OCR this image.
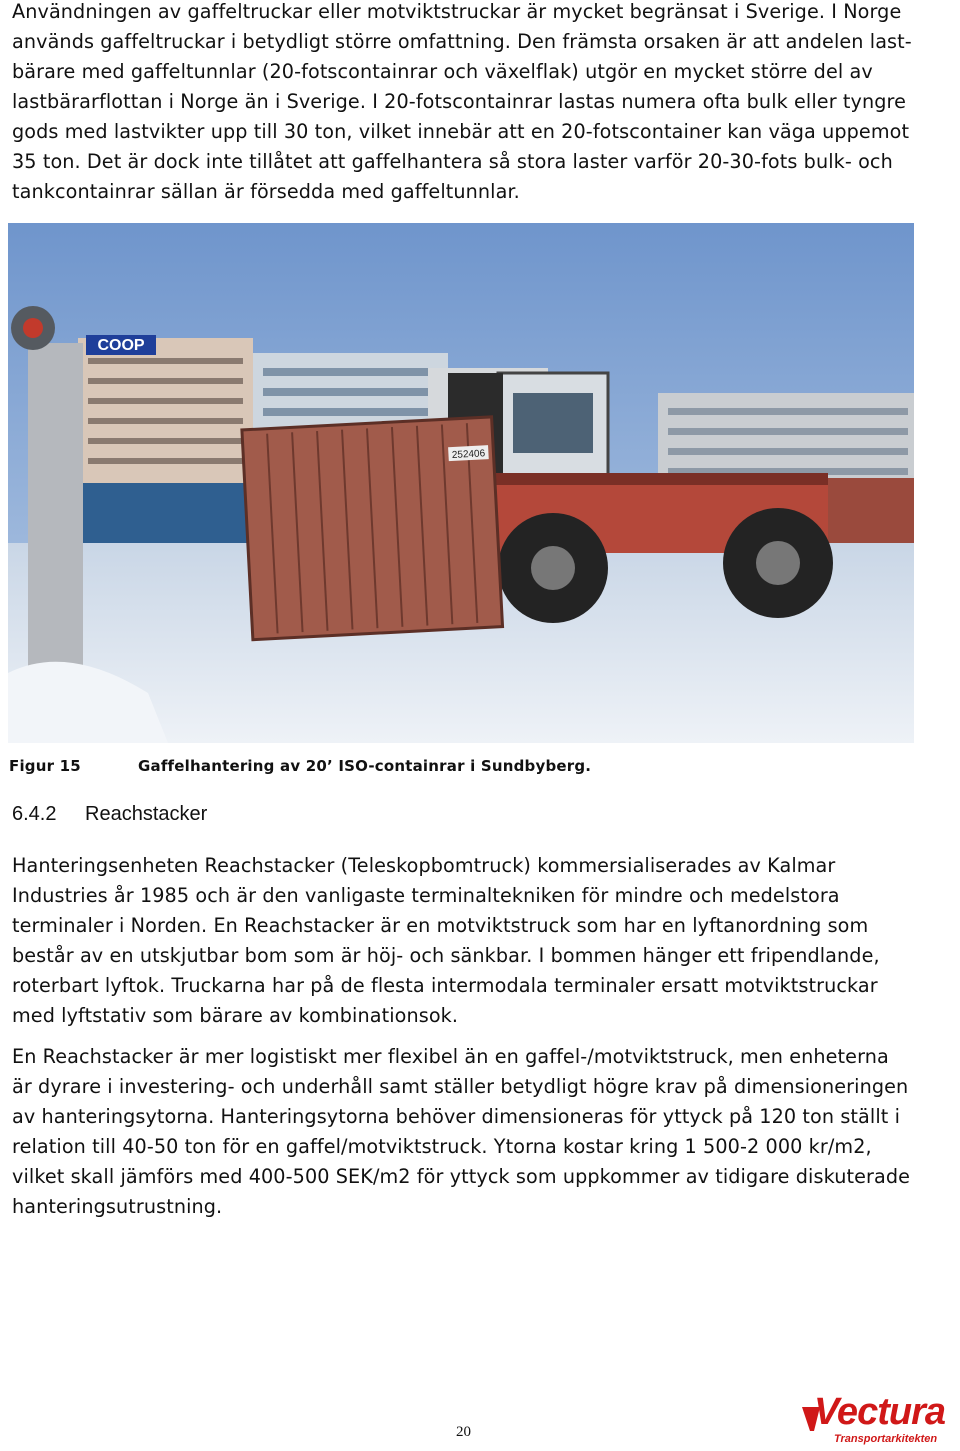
Användningen av gaffeltruckar eller motviktstruckar är mycket begränsat i Sverige. I Norge
används gaffeltruckar i betydligt större omfattning. Den främsta orsaken är att andelen last-
bärare med gaffeltunnlar (20-fotscontainrar och växelflak) utgör en mycket större del av
lastbärarflottan i Norge än i Sverige. I 20-fotscontainrar lastas numera ofta bulk eller tyngre
gods med lastvikter upp till 30 ton, vilket innebär att en 20-fotscontainer kan väga uppemot
35 ton. Det är dock inte tillåtet att gaffelhantera så stora laster varför 20-30-fots bulk- och
tankcontainrar sällan är försedda med gaffeltunnlar.

COOP
252406
Figur 15	Gaffelhantering av 20’ ISO-containrar i Sundbyberg.
6.4.2 Reachstacker

Hanteringsenheten Reachstacker (Teleskopbomtruck) kommersialiserades av Kalmar
Industries år 1985 och är den vanligaste terminaltekniken för mindre och medelstora
terminaler i Norden. En Reachstacker är en motviktstruck som har en lyftanordning som
består av en utskjutbar bom som är höj- och sänkbar. I bommen hänger ett fripendlande,
roterbart lyftok. Truckarna har på de flesta intermodala terminaler ersatt motviktstruckar
med lyftstativ som bärare av kombinationsok.

En Reachstacker är mer logistiskt mer flexibel än en gaffel-/motviktstruck, men enheterna
är dyrare i investering- och underhåll samt ställer betydligt högre krav på dimensioneringen
av hanteringsytorna. Hanteringsytorna behöver dimensioneras för yttyck på 120 ton ställt i
relation till 40-50 ton för en gaffel/motviktstruck. Ytorna kostar kring 1 500-2 000 kr/m2,
vilket skall jämförs med 400-500 SEK/m2 för yttyck som uppkommer av tidigare diskuterade
hanteringsutrustning.

20	Vectura
Transportarkitekten
